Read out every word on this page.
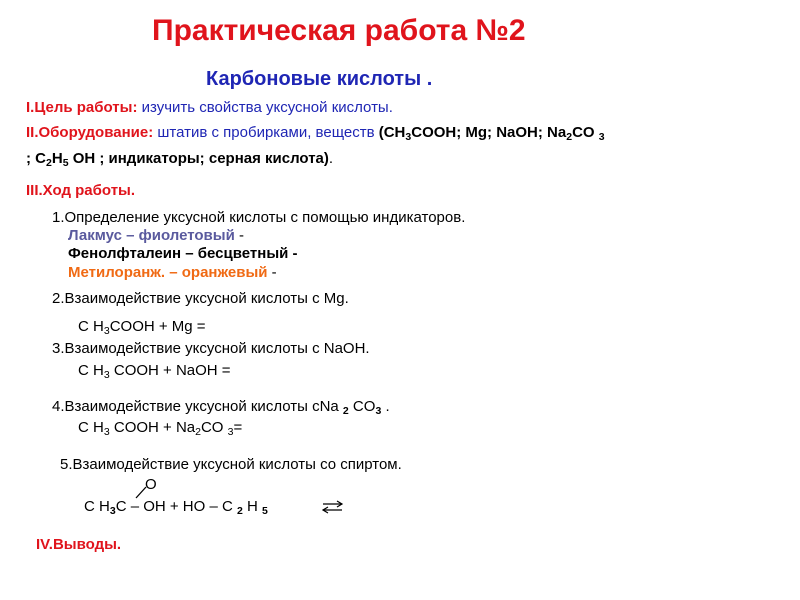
Практическая работа №2
Карбоновые кислоты .
I.Цель работы: изучить свойства уксусной кислоты.
II.Оборудование: штатив с пробирками, веществ ($CH_3COOH$; Mg; NaOH; $Na_2CO$ $_3$
; $C_2H_5$ OH ; индикаторы; серная кислота).
III.Ход работы.
1.Определение уксусной кислоты с помощью индикаторов.
Лакмус – фиолетовый -
Фенолфталеин – бесцветный -
Метилоранж. – оранжевый -
2.Взаимодействие уксусной кислоты с Mg.
C $H_3COOH + Mg$ =
3.Взаимодействие уксусной кислоты с NaOH.
C $H_3$ COOH + NaOH =
4.Взаимодействие уксусной кислоты сNa $_2$ $CO_3$ .
C $H_3$ COOH + $Na_2CO$ $_3$=
5.Взаимодействие уксусной кислоты со спиртом.
O
C $H_3C$ – OH + HO – C $_2$ H $_5$
IV.Выводы.
